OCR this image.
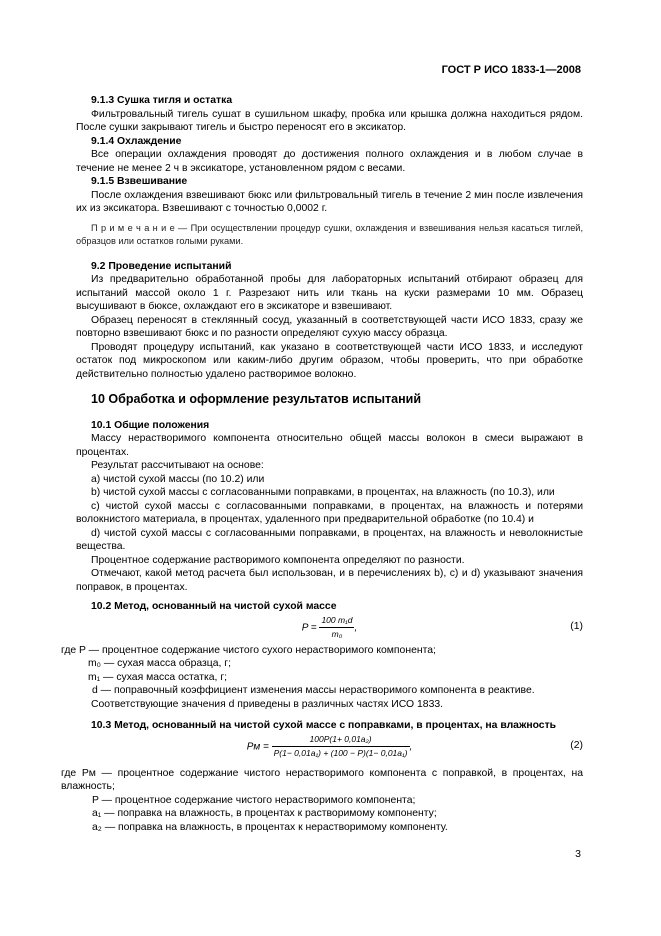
ГОСТ Р ИСО 1833-1—2008

9.1.3 Сушка тигля и остатка

Фильтровальный тигель сушат в сушильном шкафу, пробка или крышка должна находиться рядом. После сушки закрывают тигель и быстро переносят его в эксикатор.

9.1.4 Охлаждение

Все операции охлаждения проводят до достижения полного охлаждения и в любом случае в течение не менее 2 ч в эксикаторе, установленном рядом с весами.

9.1.5 Взвешивание

После охлаждения взвешивают бюкс или фильтровальный тигель в течение 2 мин после извлечения их из эксикатора. Взвешивают с точностью 0,0002 г.

П р и м е ч а н и е — При осуществлении процедур сушки, охлаждения и взвешивания нельзя касаться тиглей, образцов или остатков голыми руками.

9.2 Проведение испытаний

Из предварительно обработанной пробы для лабораторных испытаний отбирают образец для испытаний массой около 1 г. Разрезают нить или ткань на куски размерами 10 мм. Образец высушивают в бюксе, охлаждают его в эксикаторе и взвешивают.

Образец переносят в стеклянный сосуд, указанный в соответствующей части ИСО 1833, сразу же повторно взвешивают бюкс и по разности определяют сухую массу образца.

Проводят процедуру испытаний, как указано в соответствующей части ИСО 1833, и исследуют остаток под микроскопом или каким-либо другим образом, чтобы проверить, что при обработке действительно полностью удалено растворимое волокно.

10 Обработка и оформление результатов испытаний

10.1 Общие положения

Массу нерастворимого компонента относительно общей массы волокон в смеси выражают в процентах.

Результат рассчитывают на основе:

a) чистой сухой массы (по 10.2) или

b) чистой сухой массы с согласованными поправками, в процентах, на влажность (по 10.3), или

c) чистой сухой массы с согласованными поправками, в процентах, на влажность и потерями волокнистого материала, в процентах, удаленного при предварительной обработке (по 10.4) и

d) чистой сухой массы с согласованными поправками, в процентах, на влажность и неволокнистые вещества.

Процентное содержание растворимого компонента определяют по разности.

Отмечают, какой метод расчета был использован, и в перечислениях b), c) и d) указывают значения поправок, в процентах.

10.2 Метод, основанный на чистой сухой массе

$P = \frac{\text{100 m₁d}}{\text{m₀}}$ ,	(1)

где P — процентное содержание чистого сухого нерастворимого компонента;

m₀ — сухая масса образца, г;

m₁ — сухая масса остатка, г;

d — поправочный коэффициент изменения массы нерастворимого компонента в реактиве.

Соответствующие значения d приведены в различных частях ИСО 1833.

10.3 Метод, основанный на чистой сухой массе с поправками, в процентах, на влажность

Pм = $\frac{\text{100P(1+ 0,01a₂)}}{\text{P(1− 0,01a₁) + (100 − P)(1− 0,01a₁)}}$ ,	(2)

где Pм — процентное содержание чистого нерастворимого компонента с поправкой, в процентах, на влажность;

P — процентное содержание чистого нерастворимого компонента;

a₁ — поправка на влажность, в процентах к растворимому компоненту;

a₂ — поправка на влажность, в процентах к нерастворимому компоненту.

3
